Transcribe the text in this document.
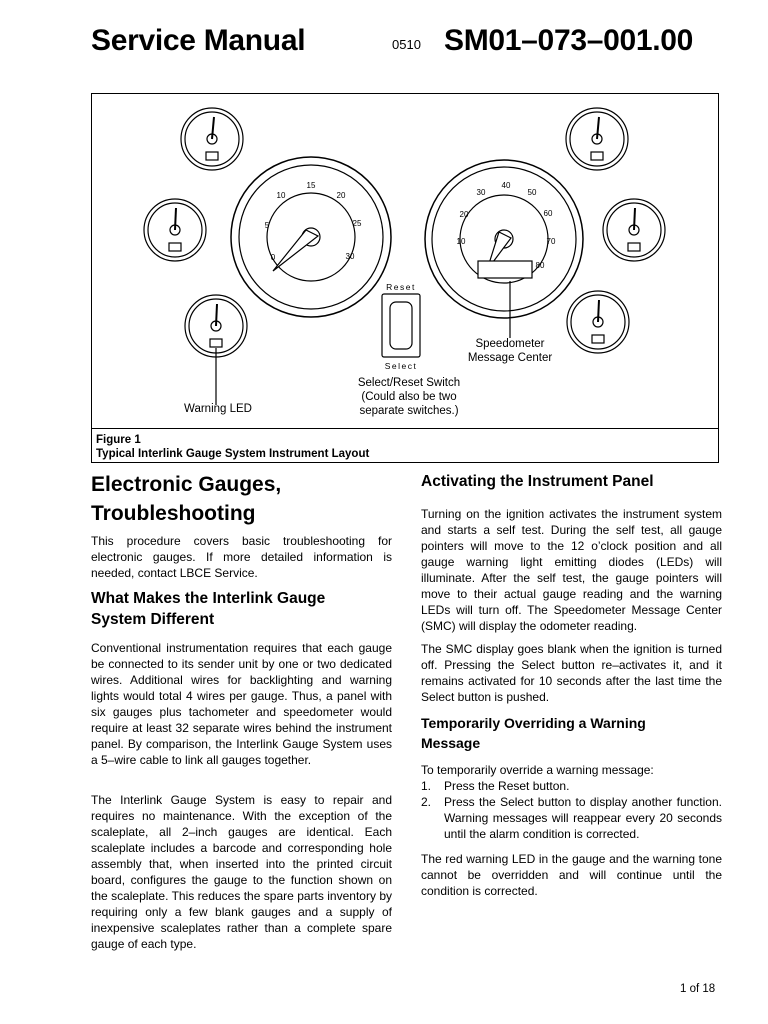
Service Manual	0510 SM01–073–001.00
0
5
10
15
20
25
30
10
20
30
40
50
60
70
80
Reset
Select
Warning LED
Select/Reset Switch
(Could also be two
separate switches.)
Speedometer
Message Center
Figure 1
Typical Interlink Gauge System Instrument Layout
Electronic Gauges,
Troubleshooting
This procedure covers basic troubleshooting for electronic gauges. If more detailed information is needed, contact LBCE Service.
What Makes the Interlink Gauge
System Different
Conventional instrumentation requires that each gauge be connected to its sender unit by one or two dedicated wires. Additional wires for backlighting and warning lights would total 4 wires per gauge. Thus, a panel with six gauges plus tachometer and speedometer would require at least 32 separate wires behind the instrument panel. By comparison, the Interlink Gauge System uses a 5–wire cable to link all gauges together.
The Interlink Gauge System is easy to repair and requires no maintenance. With the exception of the scaleplate, all 2–inch gauges are identical. Each scaleplate includes a barcode and corresponding hole assembly that, when inserted into the printed circuit board, configures the gauge to the function shown on the scaleplate. This reduces the spare parts inventory by requiring only a few blank gauges and a supply of inexpensive scaleplates rather than a complete spare gauge of each type.
Activating the Instrument Panel
Turning on the ignition activates the instrument system and starts a self test. During the self test, all gauge pointers will move to the 12 o’clock position and all gauge warning light emitting diodes (LEDs) will illuminate. After the self test, the gauge pointers will move to their actual gauge reading and the warning LEDs will turn off. The Speedometer Message Center (SMC) will display the odometer reading.
The SMC display goes blank when the ignition is turned off. Pressing the Select button re–activates it, and it remains activated for 10 seconds after the last time the Select button is pushed.
Temporarily Overriding a Warning
Message
To temporarily override a warning message:
1. Press the Reset button.
2. Press the Select button to display another function. Warning messages will reappear every 20 seconds until the alarm condition is corrected.
The red warning LED in the gauge and the warning tone cannot be overridden and will continue until the condition is corrected.
1 of 18
